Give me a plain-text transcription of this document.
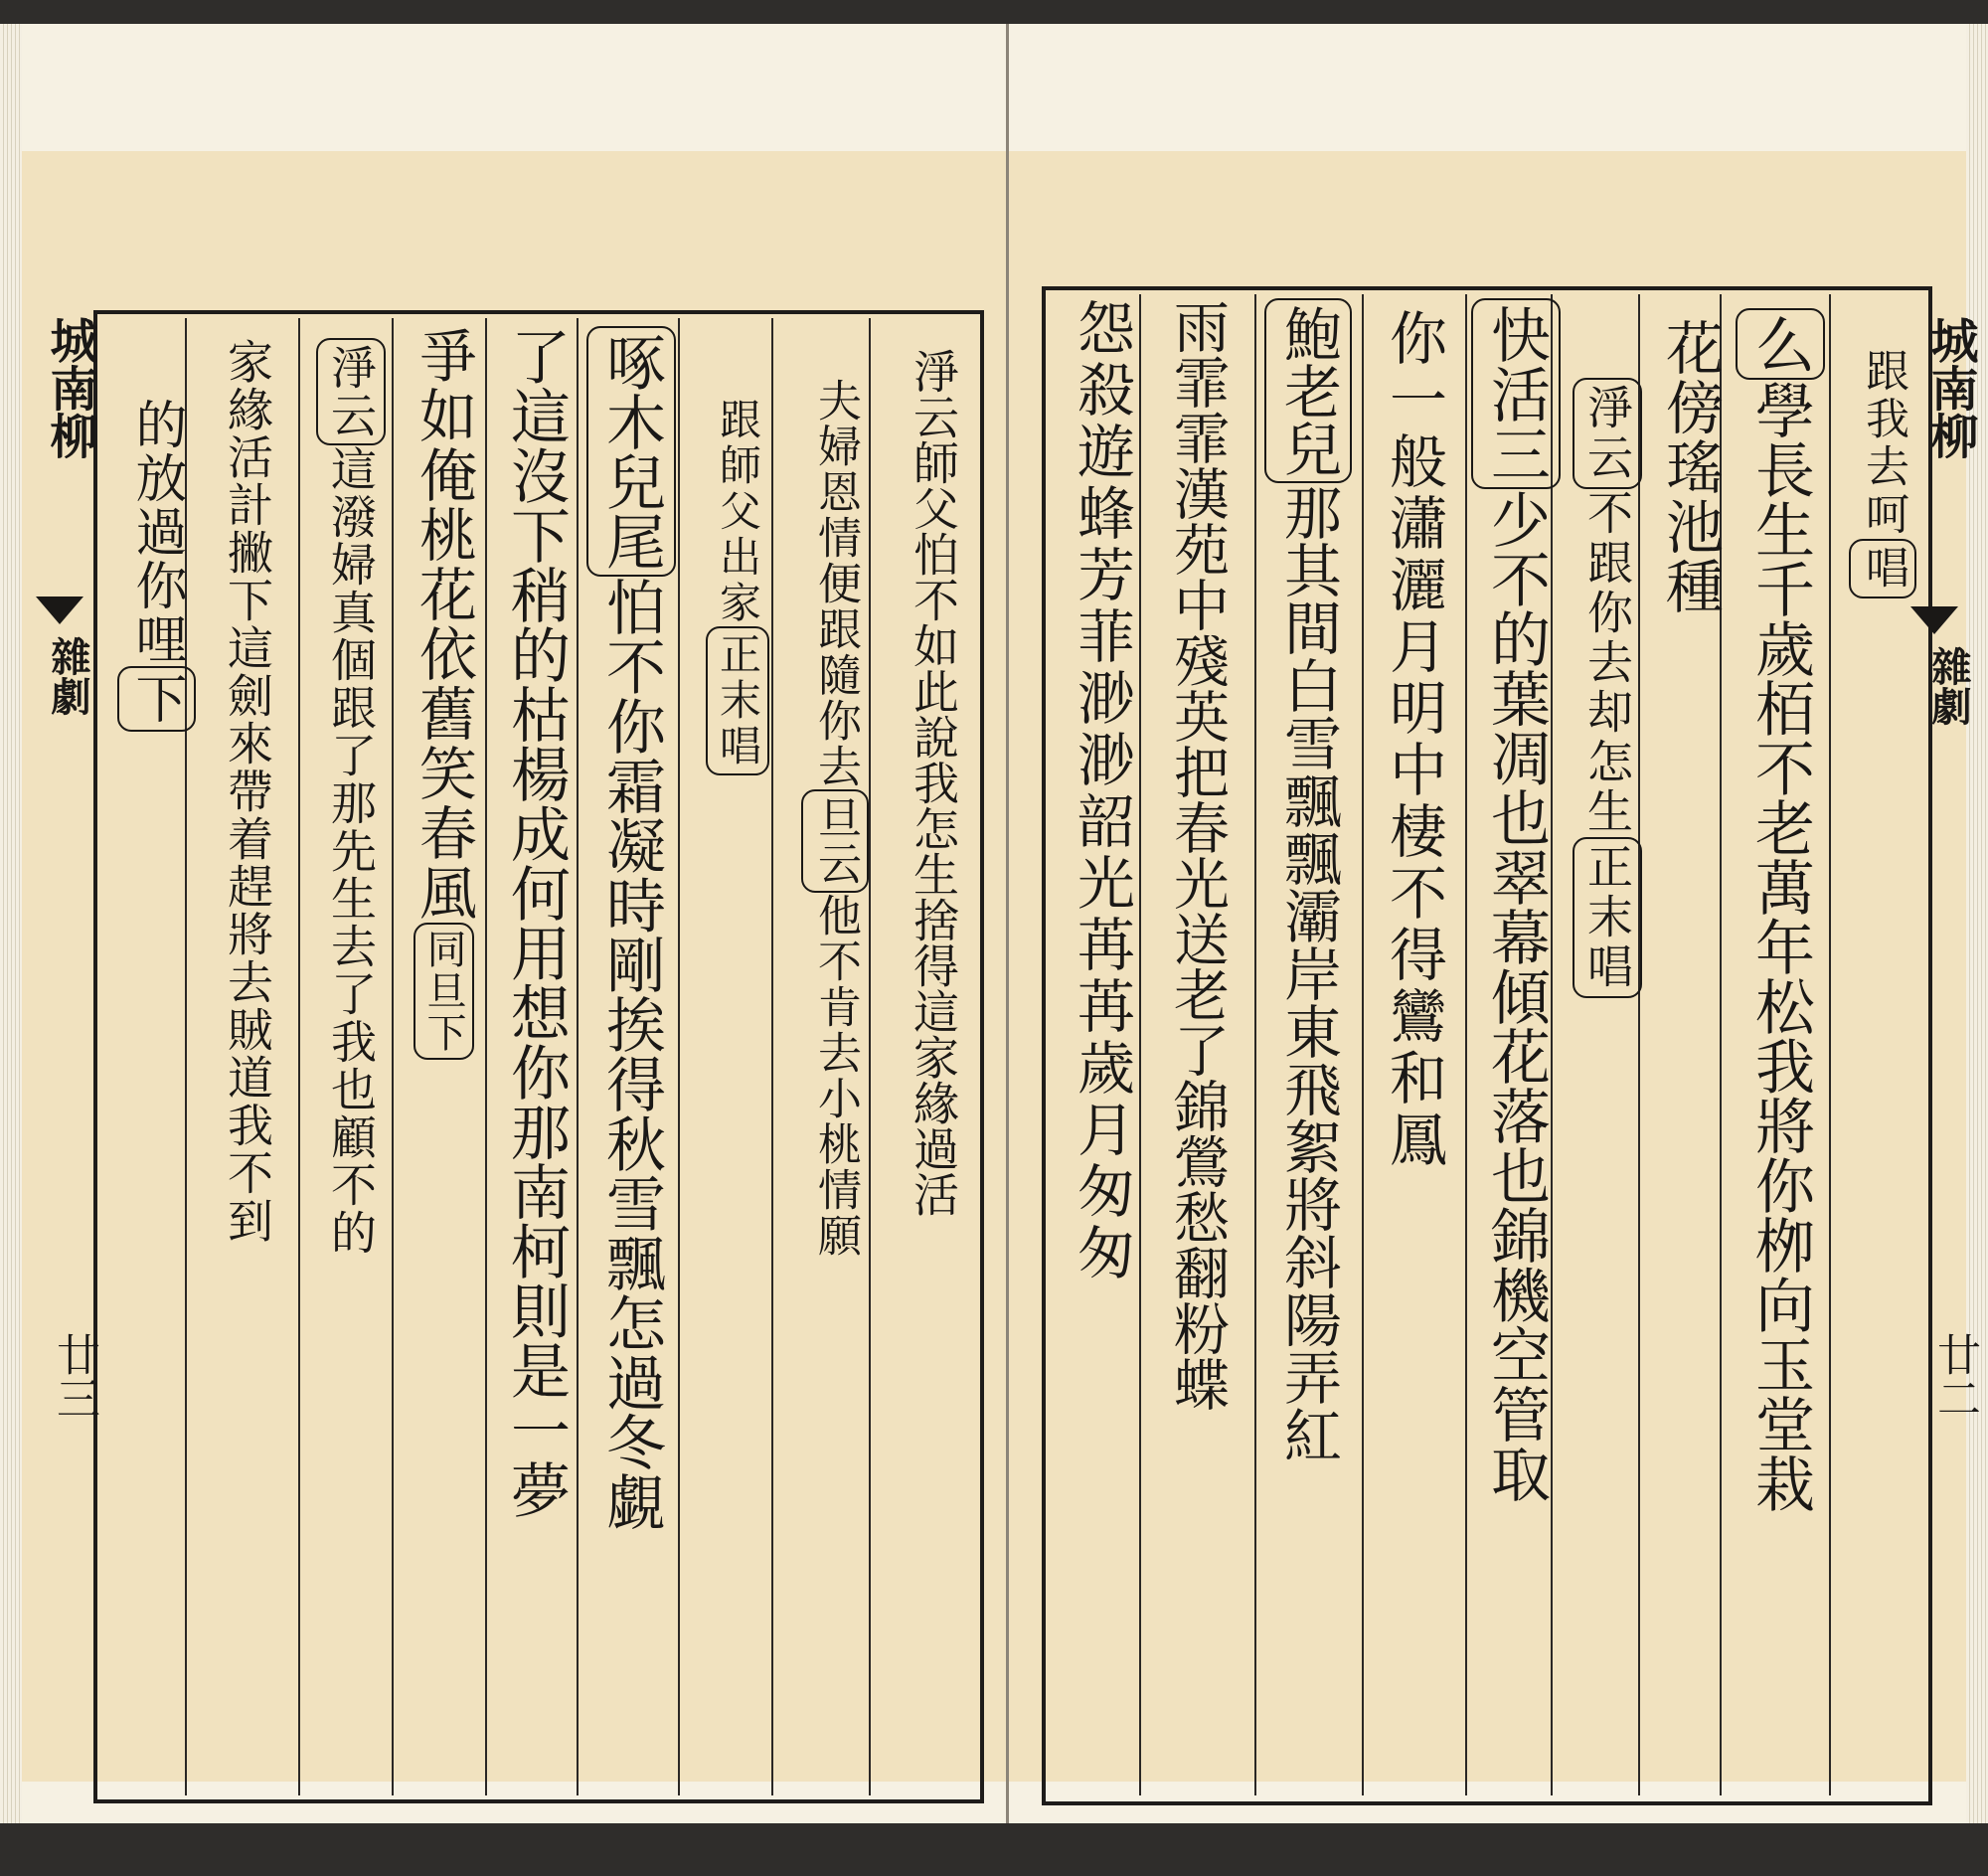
城南柳
雜劇
廿三
的放過你哩下 家緣活計撇下這劍來帶着趕將去賊道我不到 淨云這潑婦真個跟了那先生去了我也顧不的 爭如俺桃花依舊笑春風同旦下 了這沒下稍的枯楊成何用想你那南柯則是一夢 啄木兒尾怕不你霜凝時剛挨得秋雪飄怎過冬覷
跟師父出家正末唱 夫婦恩情便跟隨你去旦云他不肯去小桃情願 淨云師父怕不如此說我怎生捨得這家緣過活	城南柳
雜劇
廿二
跟我去呵唱
么學長生千歲栢不老萬年松我將你栁向玉堂栽
花傍瑤池種
淨云不跟你去却怎生正末唱
快活三少不的葉凋也翠幕傾花落也錦機空管取
你一般瀟灑月明中棲不得鸞和鳳
鮑老兒那其間白雪飄飄灞岸東飛絮將斜陽弄紅
雨霏霏漢苑中殘英把春光送老了錦鶯愁翻粉蝶
怨殺遊蜂芳菲渺渺韶光苒苒歲月匆匆
